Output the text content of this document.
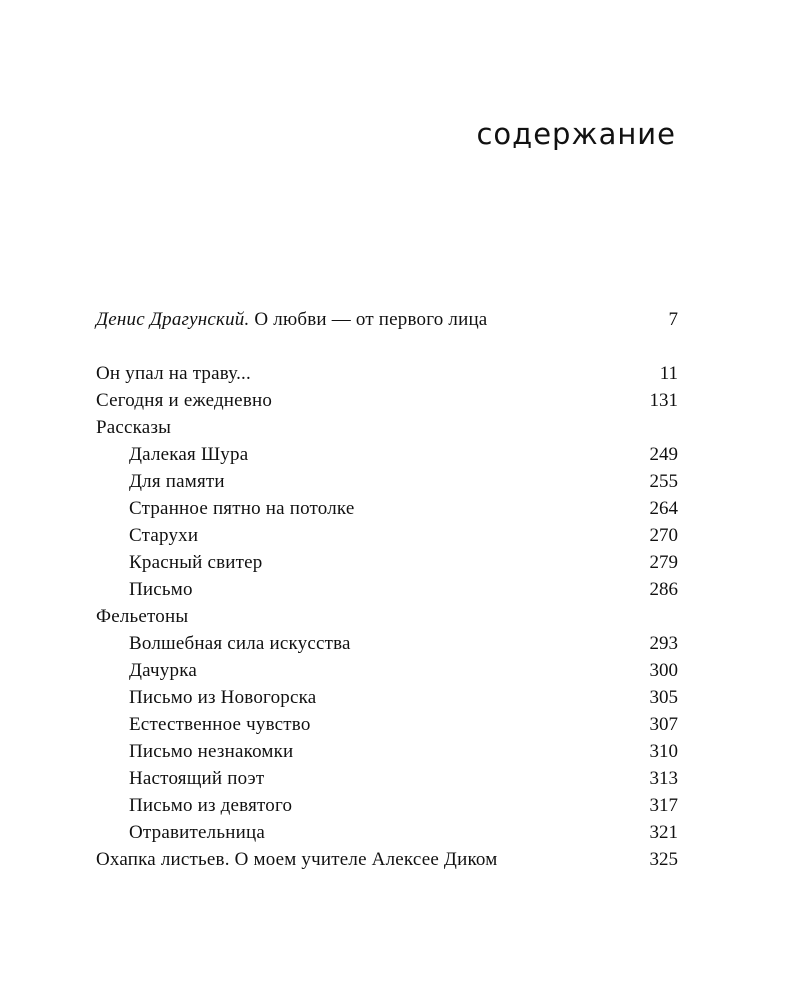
содержание
Денис Драгунский. О любви — от первого лица	7
Он упал на траву...	11
Сегодня и ежедневно	131
Рассказы
Далекая Шура	249
Для памяти	255
Странное пятно на потолке	264
Старухи	270
Красный свитер	279
Письмо	286
Фельетоны
Волшебная сила искусства	293
Дачурка	300
Письмо из Новогорска	305
Естественное чувство	307
Письмо незнакомки	310
Настоящий поэт	313
Письмо из девятого	317
Отравительница	321
Охапка листьев. О моем учителе Алексее Диком	325
